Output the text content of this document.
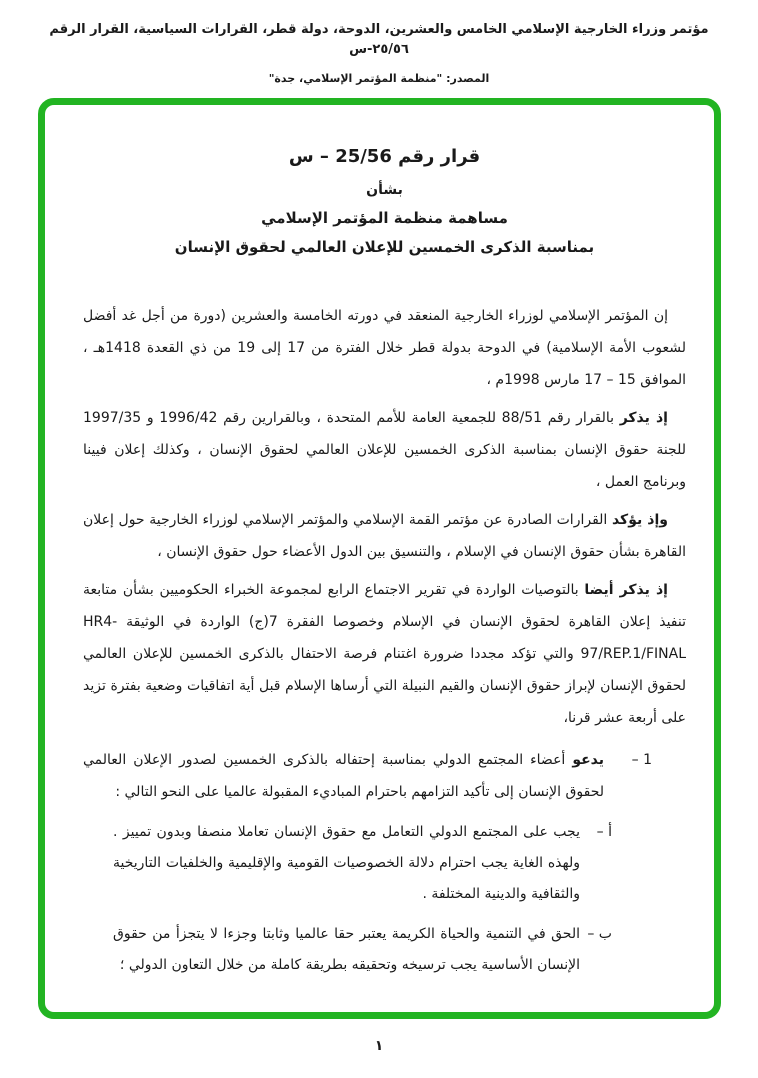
مؤتمر وزراء الخارجية الإسلامي الخامس والعشرين، الدوحة، دولة قطر، القرارات السياسية، القرار الرقم ٢٥/٥٦-س
المصدر: "منظمة المؤتمر الإسلامي، جدة"
قرار رقم 25/56 – س
بشأن
مساهمة منظمة المؤتمر الإسلامي
بمناسبة الذكرى الخمسين للإعلان العالمي لحقوق الإنسان

إن المؤتمر الإسلامي لوزراء الخارجية المنعقد في دورته الخامسة والعشرين (دورة من أجل غد أفضل لشعوب الأمة الإسلامية) في الدوحة بدولة قطر خلال الفترة من 17 إلى 19 من ذي القعدة 1418هـ ، الموافق 15 – 17 مارس 1998م ،

إذ يذكر بالقرار رقم 88/51 للجمعية العامة للأمم المتحدة ، وبالقرارين رقم 1996/42 و 1997/35 للجنة حقوق الإنسان بمناسبة الذكرى الخمسين للإعلان العالمي لحقوق الإنسان ، وكذلك إعلان فيينا وبرنامج العمل ،

وإذ يؤكد القرارات الصادرة عن مؤتمر القمة الإسلامي والمؤتمر الإسلامي لوزراء الخارجية حول إعلان القاهرة بشأن حقوق الإنسان في الإسلام ، والتنسيق بين الدول الأعضاء حول حقوق الإنسان ،

إذ يذكر أيضا بالتوصيات الواردة في تقرير الاجتماع الرابع لمجموعة الخبراء الحكوميين بشأن متابعة تنفيذ إعلان القاهرة لحقوق الإنسان في الإسلام وخصوصا الفقرة 7(ج) الواردة في الوثيقة HR4-97/REP.1/FINAL والتي تؤكد مجددا ضرورة اغتنام فرصة الاحتفال بالذكرى الخمسين للإعلان العالمي لحقوق الإنسان لإبراز حقوق الإنسان والقيم النبيلة التي أرساها الإسلام قبل أية اتفاقيات وضعية بفترة تزيد على أربعة عشر قرنا،

1 –
يدعو أعضاء المجتمع الدولي بمناسبة إحتفاله بالذكرى الخمسين لصدور الإعلان العالمي لحقوق الإنسان إلى تأكيد التزامهم باحترام المباديء المقبولة عالميا على النحو التالي :
أ –
يجب على المجتمع الدولي التعامل مع حقوق الإنسان تعاملا منصفا وبدون تمييز . ولهذه الغاية يجب احترام دلالة الخصوصيات القومية والإقليمية والخلفيات التاريخية والثقافية والدينية المختلفة .
ب –
الحق في التنمية والحياة الكريمة يعتبر حقا عالميا وثابتا وجزءا لا يتجزأ من حقوق الإنسان الأساسية يجب ترسيخه وتحقيقه بطريقة كاملة من خلال التعاون الدولي ؛
١
